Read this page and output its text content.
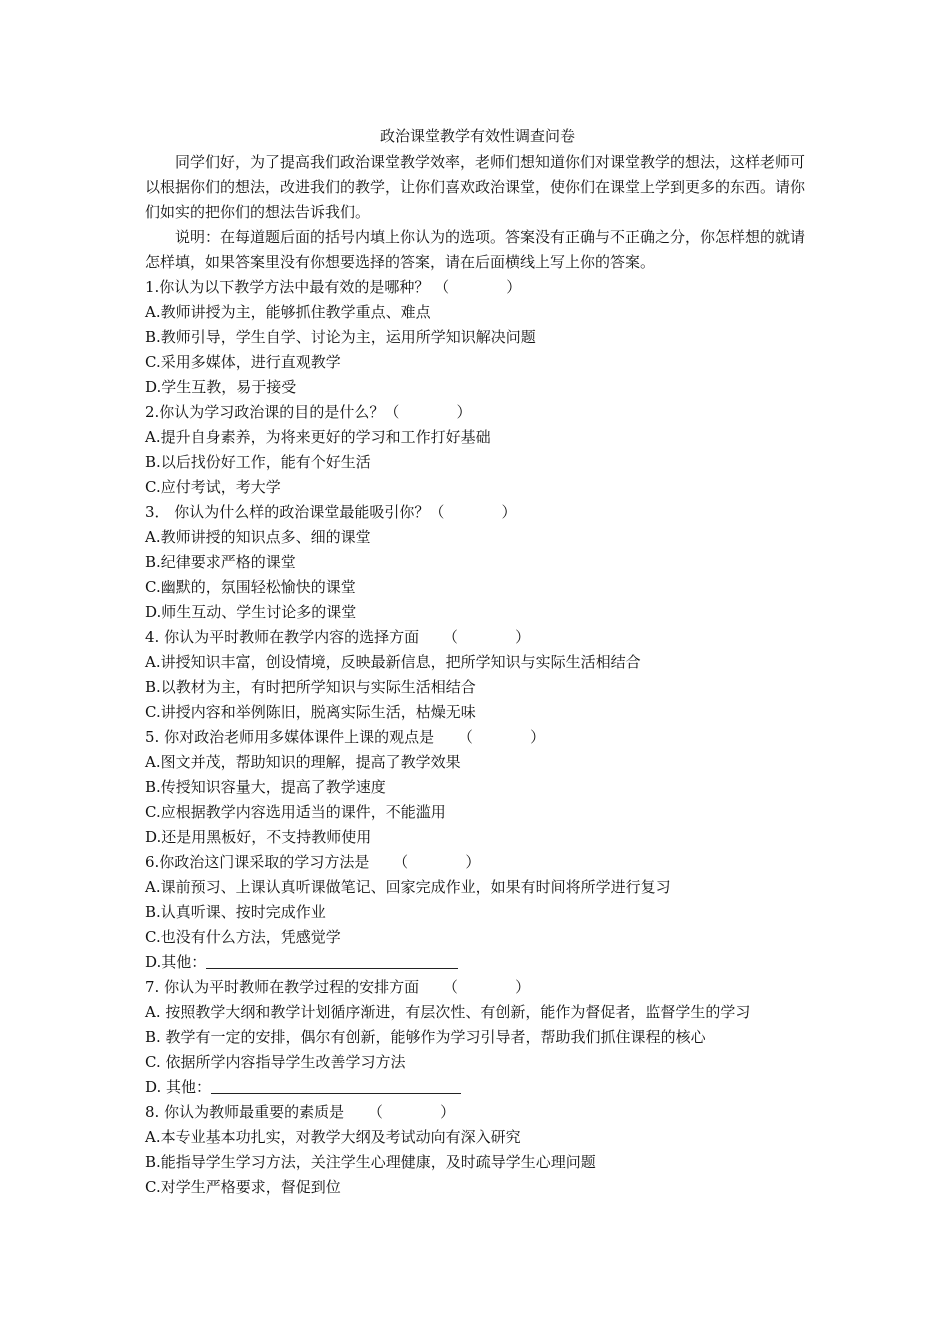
政治课堂教学有效性调查问卷
同学们好，为了提高我们政治课堂教学效率，老师们想知道你们对课堂教学的想法，这样老师可以根据你们的想法，改进我们的教学，让你们喜欢政治课堂，使你们在课堂上学到更多的东西。请你们如实的把你们的想法告诉我们。
说明：在每道题后面的括号内填上你认为的选项。答案没有正确与不正确之分，你怎样想的就请怎样填，如果答案里没有你想要选择的答案，请在后面横线上写上你的答案。
1.你认为以下教学方法中最有效的是哪种？ （            ）
A.教师讲授为主，能够抓住教学重点、难点
B.教师引导，学生自学、讨论为主，运用所学知识解决问题
C.采用多媒体，进行直观教学
D.学生互教，易于接受
2.你认为学习政治课的目的是什么？（            ）
A.提升自身素养，为将来更好的学习和工作打好基础
B.以后找份好工作，能有个好生活
C.应付考试，考大学
3． 你认为什么样的政治课堂最能吸引你？（            ）
A.教师讲授的知识点多、细的课堂
B.纪律要求严格的课堂
C.幽默的，氛围轻松愉快的课堂
D.师生互动、学生讨论多的课堂
4. 你认为平时教师在教学内容的选择方面     （            ）
A.讲授知识丰富，创设情境，反映最新信息，把所学知识与实际生活相结合
B.以教材为主，有时把所学知识与实际生活相结合
C.讲授内容和举例陈旧，脱离实际生活，枯燥无味
5. 你对政治老师用多媒体课件上课的观点是     （            ）
A.图文并茂，帮助知识的理解，提高了教学效果
B.传授知识容量大，提高了教学速度
C.应根据教学内容选用适当的课件，不能滥用
D.还是用黑板好，不支持教师使用
6.你政治这门课采取的学习方法是     （            ）
A.课前预习、上课认真听课做笔记、回家完成作业，如果有时间将所学进行复习
B.认真听课、按时完成作业
C.也没有什么方法，凭感觉学
D.其他：
7. 你认为平时教师在教学过程的安排方面     （            ）
A. 按照教学大纲和教学计划循序渐进，有层次性、有创新，能作为督促者，监督学生的学习
B. 教学有一定的安排，偶尔有创新，能够作为学习引导者，帮助我们抓住课程的核心
C. 依据所学内容指导学生改善学习方法
D. 其他：
8. 你认为教师最重要的素质是     （            ）
A.本专业基本功扎实，对教学大纲及考试动向有深入研究
B.能指导学生学习方法，关注学生心理健康，及时疏导学生心理问题
C.对学生严格要求，督促到位
